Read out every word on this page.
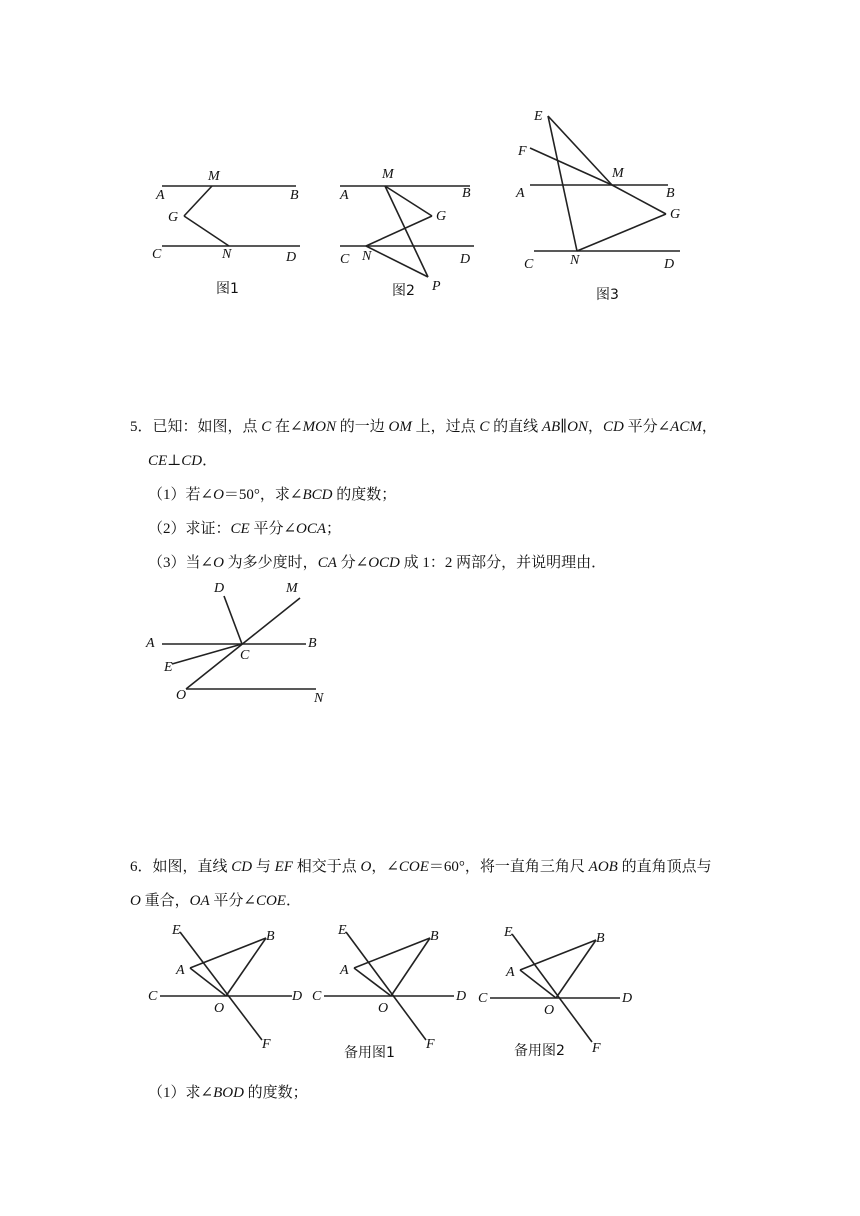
M
A	B
G
C	N	D
图1
M
A	B
G
C N	D
P
图2
E
F
M
A	B
G
N
C	D
图3
5．已知：如图，点 C 在∠MON 的一边 OM 上，过点 C 的直线 AB∥ON，CD 平分∠ACM，
CE⊥CD．
（1）若∠O＝50°，求∠BCD 的度数；
（2）求证：CE 平分∠OCA；
（3）当∠O 为多少度时，CA 分∠OCD 成 1：2 两部分，并说明理由．
D	M
A	B
C
E
O	N
6．如图，直线 CD 与 EF 相交于点 O，∠COE＝60°，将一直角三角尺 AOB 的直角顶点与
O 重合，OA 平分∠COE．
E	B
A
C
O
D
F
E	B
A
C
O
D
F
备用图1
E	B
A
C
O
D
F
备用图2
（1）求∠BOD 的度数；
